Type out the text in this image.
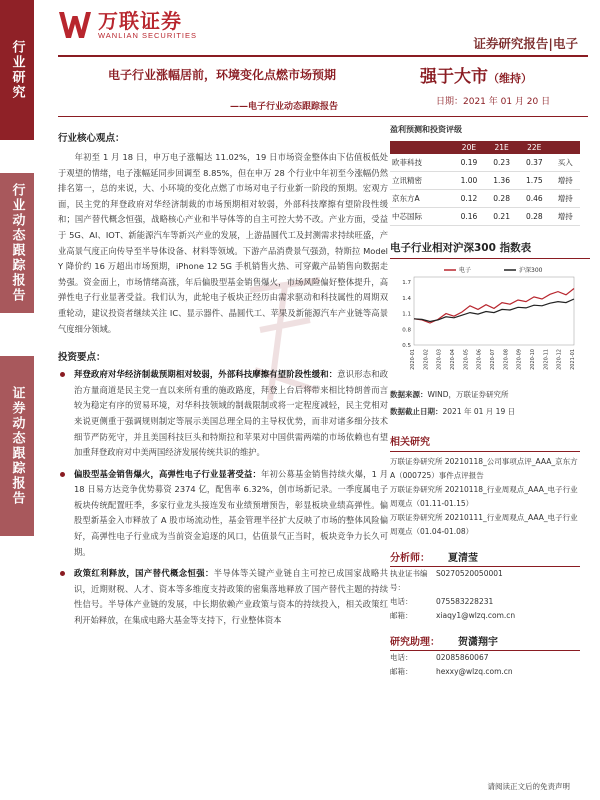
万联证券
WANLIAN SECURITIES
证券研究报告|电子
行业研究
行业动态跟踪报告
证券动态跟踪报告
电子行业涨幅居前，环境变化点燃市场预期
——电子行业动态跟踪报告
强于大市（维持）
日期：2021 年 01 月 20 日
行业核心观点：

年初至 1 月 18 日，申万电子涨幅达 11.02%，19 日市场资金整体由下估值板低处于观望的情绪，电子涨幅延同步回调至 8.85%，但在申万 28 个行业中年初至今涨幅仍然排名第一，总的来说，大、小环境的变化点燃了市场对电子行业新一阶段的预期。宏观方面，民主党的拜登政府对华经济制裁的市场预期相对较弱，外部科技摩擦有望阶段性缓和；国产替代概念恒强，战略核心产业和半导体等的自主可控大势不改。产业方面，受益于 5G、AI、IOT、新能源汽车等新兴产业的发展，上游晶圆代工及封测需求持续旺盛，产业高景气度正向传导至半导体设备、材料等领域。下游产品消费景气强劲，特斯拉 Model Y 降价约 16 万超出市场预期，iPhone 12 5G 手机销售火热、可穿戴产品销售向数据走势强。资金面上，市场情绪高涨，年后偏股型基金销售爆火，市场风险偏好整体提升，高弹性电子行业显著受益。我们认为，此轮电子板块正经历由需求驱动和科技属性的周期双重轮动，建议投资者继续关注 IC、显示器件、晶圆代工、苹果及新能源汽车产业链等高景气度细分领域。

投资要点：
拜登政府对华经济制裁预期相对较弱，外部科技摩擦有望阶段性缓和：意识形态和政治方量商道是民主党一直以来所有重的施政路度，拜登上台后将带来相比特朗普而言较为稳定有序的贸易环境，对华科技领域的制裁限制或将一定程度减轻，民主党相对来说更侧重于强调规则制定等展示美国总理全局的主导权优势，而非对诸多细分技术细节严防死守，并且美国科技巨头和特斯拉和苹果对中国供需两端的市场依赖也有望加重拜登政府对中美两国经济发展传统共识的维护。
偏股型基金销售爆火，高弹性电子行业显著受益：年初公募基金销售持续火爆，1 月 18 日易方达竞争优势募资 2374 亿，配售率 6.32%，创市场新记录。一季度属电子板块传统配置旺季，多家行业龙头接连发布业绩预增预告，彰显板块业绩高弹性。偏股型新基金入市释放了 A 股市场流动性，基金管理半径扩大反映了市场的整体风险偏好，高弹性电子行业成为当前资金追逐的风口，估值景气正当时，板块竞争力长久可期。
政策红利释放，国产替代概念恒强：半导体等关键产业链自主可控已成国家战略共识，近期财税、人才、资本等多维度支持政策的密集落地释放了国产替代主题的持续性信号。半导体产业链的发展，中长期依赖产业政策与资本的持续投入，相关政策红利开始释放，在集成电路大基金等支持下，行业整体资本
盈利预测和投资评级
	20E	21E	22E		
欧菲科技	0.19	0.23	0.37	买入	
立讯精密	1.00	1.36	1.75	增持	
京东方A	0.12	0.28	0.46	增持	
中芯国际	0.16	0.21	0.28	增持	
电子行业相对沪深300 指数表
0.5
0.8
1.1
1.4
1.7
电子	沪深300
2020-01 2020-02 2020-03 2020-04 2020-05 2020-06 2020-07 2020-08 2020-09 2020-10 2020-11 2020-12 2021-01
数据来源：WIND，万联证券研究所
数据截止日期：2021 年 01 月 19 日
相关研究
万联证券研究所 20210118_公司事项点评_AAA_京东方 A（000725）事件点评报告
万联证券研究所 20210118_行业周观点_AAA_电子行业周观点（01.11-01.15）
万联证券研究所 20210111_行业周观点_AAA_电子行业周观点（01.04-01.08）
分析师： 夏清莹
执业证书编号：
S0270520050001
电话：	075583228231
邮箱：	xiaqy1@wlzq.com.cn
研究助理： 贺潇翔宇
电话：	02085860067
邮箱：	hexxy@wlzq.com.cn
请阅读正文后的免责声明
